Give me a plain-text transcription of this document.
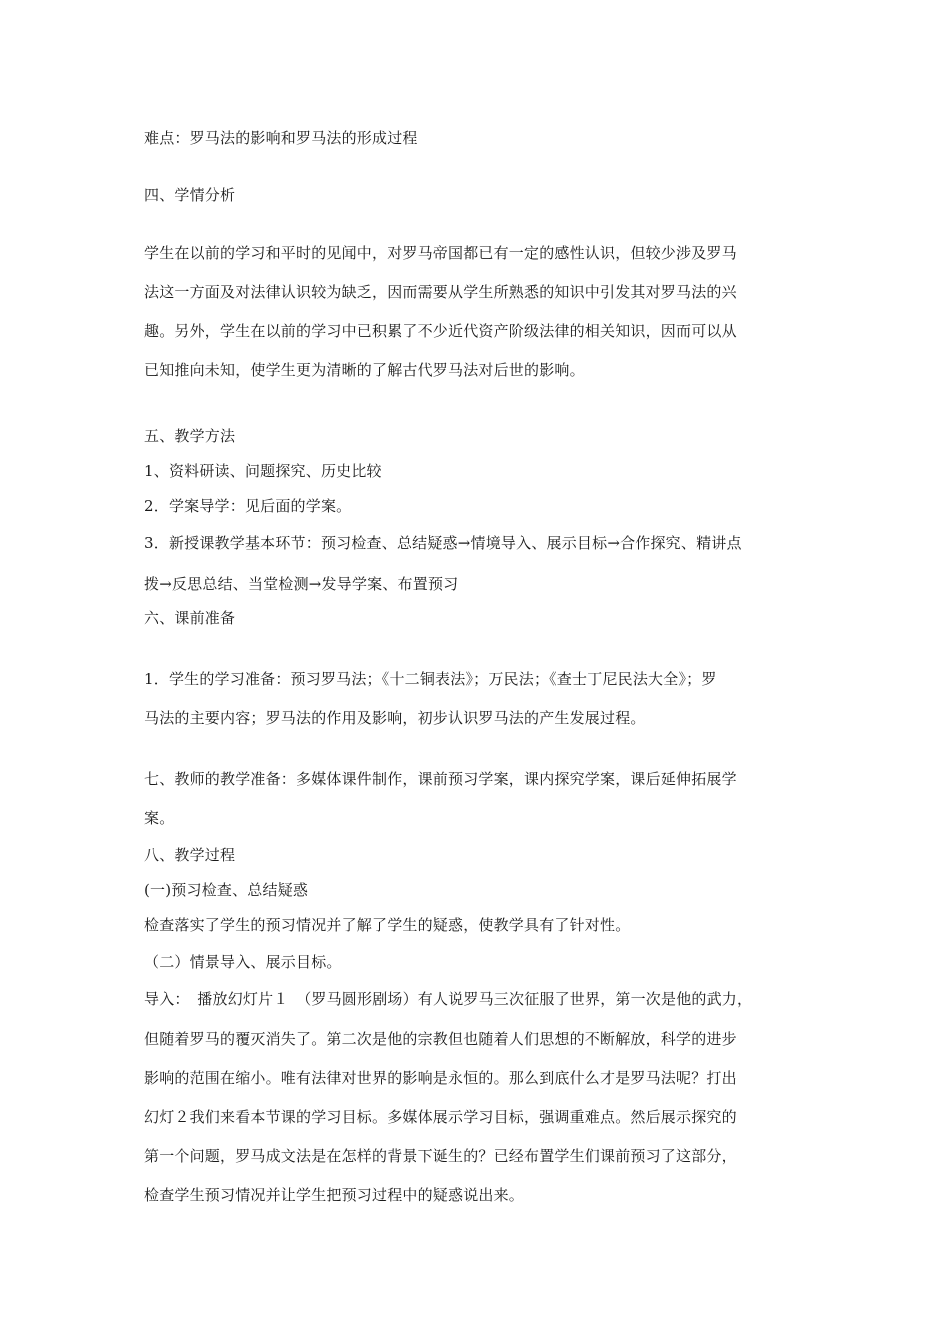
难点：罗马法的影响和罗马法的形成过程
四、学情分析
学生在以前的学习和平时的见闻中，对罗马帝国都已有一定的感性认识，但较少涉及罗马
法这一方面及对法律认识较为缺乏，因而需要从学生所熟悉的知识中引发其对罗马法的兴
趣。另外，学生在以前的学习中已积累了不少近代资产阶级法律的相关知识，因而可以从
已知推向未知，使学生更为清晰的了解古代罗马法对后世的影响。
五、教学方法
1、资料研读、问题探究、历史比较
2．学案导学：见后面的学案。
3．新授课教学基本环节：预习检查、总结疑惑→情境导入、展示目标→合作探究、精讲点
拨→反思总结、当堂检测→发导学案、布置预习
六、课前准备
1．学生的学习准备：预习罗马法；《十二铜表法》；万民法；《查士丁尼民法大全》；罗
马法的主要内容；罗马法的作用及影响，初步认识罗马法的产生发展过程。
七、教师的教学准备：多媒体课件制作，课前预习学案，课内探究学案，课后延伸拓展学
案。
八、教学过程
(一)预习检查、总结疑惑
检查落实了学生的预习情况并了解了学生的疑惑，使教学具有了针对性。
（二）情景导入、展示目标。
导入：　播放幻灯片１　（罗马圆形剧场）有人说罗马三次征服了世界，第一次是他的武力，
但随着罗马的覆灭消失了。第二次是他的宗教但也随着人们思想的不断解放，科学的进步
影响的范围在缩小。唯有法律对世界的影响是永恒的。那么到底什么才是罗马法呢？打出
幻灯２我们来看本节课的学习目标。多媒体展示学习目标，强调重难点。然后展示探究的
第一个问题，罗马成文法是在怎样的背景下诞生的？已经布置学生们课前预习了这部分，
检查学生预习情况并让学生把预习过程中的疑惑说出来。
